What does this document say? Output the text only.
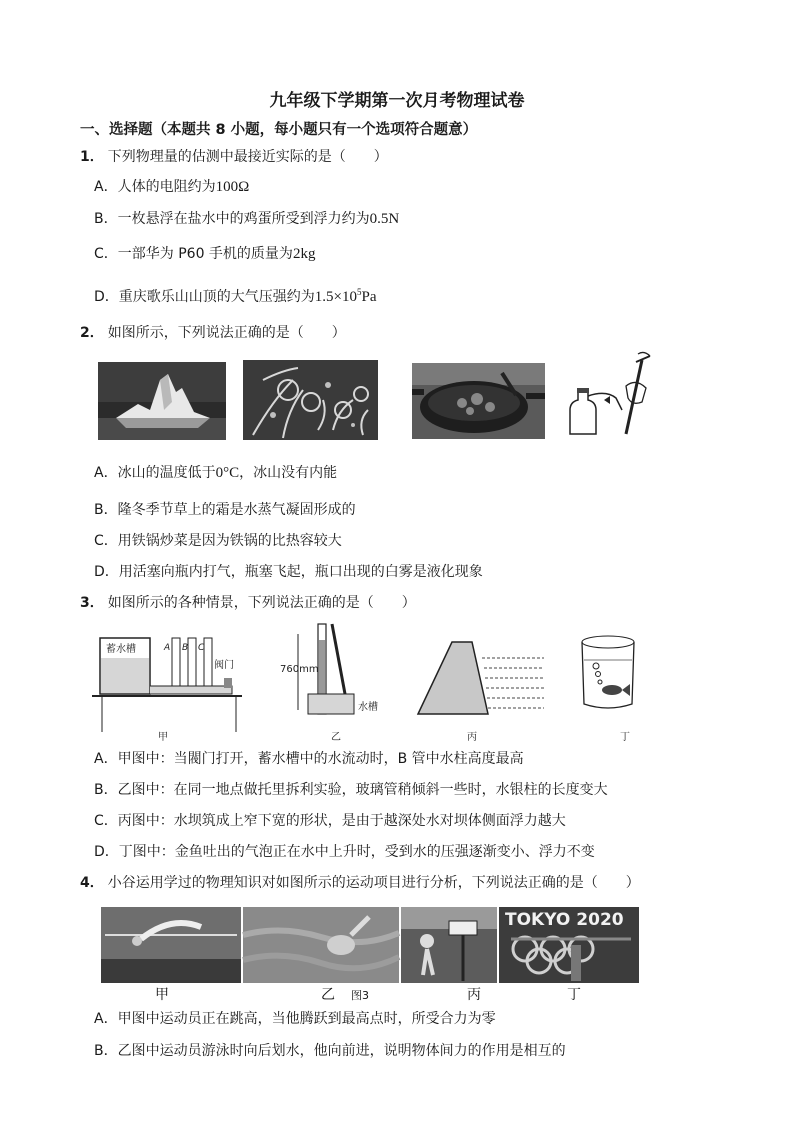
九年级下学期第一次月考物理试卷
一、选择题（本题共 8 小题，每小题只有一个选项符合题意）
1． 下列物理量的估测中最接近实际的是（　　）
A．人体的电阻约为100Ω
B．一枚悬浮在盐水中的鸡蛋所受到浮力约为0.5N
C．一部华为 P60 手机的质量为2kg
D．重庆歌乐山山顶的大气压强约为$1.5\times 10^5Pa$
2． 如图所示，下列说法正确的是（　　）
A．冰山的温度低于0°C，冰山没有内能
B．隆冬季节草上的霜是水蒸气凝固形成的
C．用铁锅炒菜是因为铁锅的比热容较大
D．用活塞向瓶内打气，瓶塞飞起，瓶口出现的白雾是液化现象
3． 如图所示的各种情景，下列说法正确的是（　　）
蓄水槽	A B C
阀门	760mm
水槽
甲	乙	丙	丁
A．甲图中：当閥门打开，蓄水槽中的水流动时，B 管中水柱高度最高
B．乙图中：在同一地点做托里拆利实验，玻璃管稍倾斜一些时，水银柱的长度变大
C．丙图中：水坝筑成上窄下宽的形状，是由于越深处水对坝体侧面浮力越大
D．丁图中：金鱼吐出的气泡正在水中上升时，受到水的压强逐渐变小、浮力不变
4． 小谷运用学过的物理知识对如图所示的运动项目进行分析，下列说法正确的是（　　）
TOKYO 2020
甲	乙 图3	丙	丁
A．甲图中运动员正在跳高，当他腾跃到最高点时，所受合力为零
B．乙图中运动员游泳时向后划水，他向前进，说明物体间力的作用是相互的
